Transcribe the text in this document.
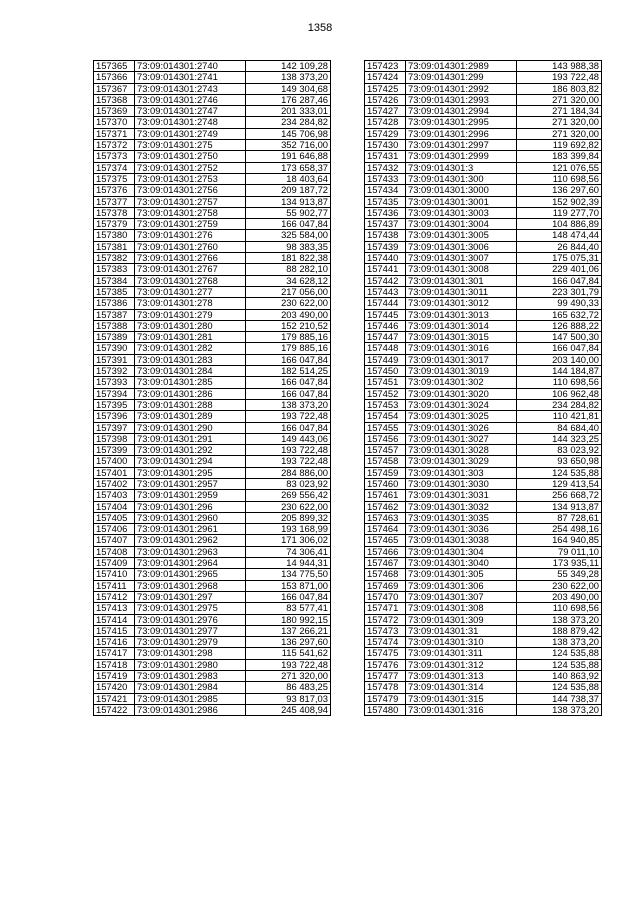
1358
157365	73:09:014301:2740	142 109,28
157366	73:09:014301:2741	138 373,20
157367	73:09:014301:2743	149 304,68
157368	73:09:014301:2746	176 287,46
157369	73:09:014301:2747	201 333,01
157370	73:09:014301:2748	234 284,82
157371	73:09:014301:2749	145 706,98
157372	73:09:014301:275	352 716,00
157373	73:09:014301:2750	191 646,88
157374	73:09:014301:2752	173 658,37
157375	73:09:014301:2753	18 403,64
157376	73:09:014301:2756	209 187,72
157377	73:09:014301:2757	134 913,87
157378	73:09:014301:2758	55 902,77
157379	73:09:014301:2759	166 047,84
157380	73:09:014301:276	325 584,00
157381	73:09:014301:2760	98 383,35
157382	73:09:014301:2766	181 822,38
157383	73:09:014301:2767	88 282,10
157384	73:09:014301:2768	34 628,12
157385	73:09:014301:277	217 056,00
157386	73:09:014301:278	230 622,00
157387	73:09:014301:279	203 490,00
157388	73:09:014301:280	152 210,52
157389	73:09:014301:281	179 885,16
157390	73:09:014301:282	179 885,16
157391	73:09:014301:283	166 047,84
157392	73:09:014301:284	182 514,25
157393	73:09:014301:285	166 047,84
157394	73:09:014301:286	166 047,84
157395	73:09:014301:288	138 373,20
157396	73:09:014301:289	193 722,48
157397	73:09:014301:290	166 047,84
157398	73:09:014301:291	149 443,06
157399	73:09:014301:292	193 722,48
157400	73:09:014301:294	193 722,48
157401	73:09:014301:295	284 886,00
157402	73:09:014301:2957	83 023,92
157403	73:09:014301:2959	269 556,42
157404	73:09:014301:296	230 622,00
157405	73:09:014301:2960	205 899,32
157406	73:09:014301:2961	193 168,99
157407	73:09:014301:2962	171 306,02
157408	73:09:014301:2963	74 306,41
157409	73:09:014301:2964	14 944,31
157410	73:09:014301:2965	134 775,50
157411	73:09:014301:2968	153 871,00
157412	73:09:014301:297	166 047,84
157413	73:09:014301:2975	83 577,41
157414	73:09:014301:2976	180 992,15
157415	73:09:014301:2977	137 266,21
157416	73:09:014301:2979	136 297,60
157417	73:09:014301:298	115 541,62
157418	73:09:014301:2980	193 722,48
157419	73:09:014301:2983	271 320,00
157420	73:09:014301:2984	86 483,25
157421	73:09:014301:2985	93 817,03
157422	73:09:014301:2986	245 408,94
157423	73:09:014301:2989	143 988,38
157424	73:09:014301:299	193 722,48
157425	73:09:014301:2992	186 803,82
157426	73:09:014301:2993	271 320,00
157427	73:09:014301:2994	271 184,34
157428	73:09:014301:2995	271 320,00
157429	73:09:014301:2996	271 320,00
157430	73:09:014301:2997	119 692,82
157431	73:09:014301:2999	183 399,84
157432	73:09:014301:3	121 076,55
157433	73:09:014301:300	110 698,56
157434	73:09:014301:3000	136 297,60
157435	73:09:014301:3001	152 902,39
157436	73:09:014301:3003	119 277,70
157437	73:09:014301:3004	104 886,89
157438	73:09:014301:3005	148 474,44
157439	73:09:014301:3006	26 844,40
157440	73:09:014301:3007	175 075,31
157441	73:09:014301:3008	229 401,06
157442	73:09:014301:301	166 047,84
157443	73:09:014301:3011	223 301,79
157444	73:09:014301:3012	99 490,33
157445	73:09:014301:3013	165 632,72
157446	73:09:014301:3014	126 888,22
157447	73:09:014301:3015	147 500,30
157448	73:09:014301:3016	166 047,84
157449	73:09:014301:3017	203 140,00
157450	73:09:014301:3019	144 184,87
157451	73:09:014301:302	110 698,56
157452	73:09:014301:3020	106 962,48
157453	73:09:014301:3024	234 284,82
157454	73:09:014301:3025	110 421,81
157455	73:09:014301:3026	84 684,40
157456	73:09:014301:3027	144 323,25
157457	73:09:014301:3028	83 023,92
157458	73:09:014301:3029	93 650,98
157459	73:09:014301:303	124 535,88
157460	73:09:014301:3030	129 413,54
157461	73:09:014301:3031	256 668,72
157462	73:09:014301:3032	134 913,87
157463	73:09:014301:3035	87 728,61
157464	73:09:014301:3036	254 498,16
157465	73:09:014301:3038	164 940,85
157466	73:09:014301:304	79 011,10
157467	73:09:014301:3040	173 935,11
157468	73:09:014301:305	55 349,28
157469	73:09:014301:306	230 622,00
157470	73:09:014301:307	203 490,00
157471	73:09:014301:308	110 698,56
157472	73:09:014301:309	138 373,20
157473	73:09:014301:31	188 879,42
157474	73:09:014301:310	138 373,20
157475	73:09:014301:311	124 535,88
157476	73:09:014301:312	124 535,88
157477	73:09:014301:313	140 863,92
157478	73:09:014301:314	124 535,88
157479	73:09:014301:315	144 738,37
157480	73:09:014301:316	138 373,20
